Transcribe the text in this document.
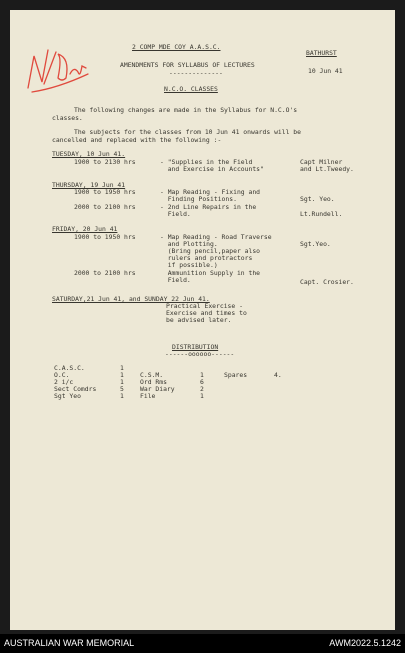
2 COMP MDE COY A.A.S.C.
BATHURST
10 Jun 41
AMENDMENTS FOR SYLLABUS OF LECTURES
--------------
N.C.O. CLASSES
The following changes are made in the Syllabus for N.C.O's
classes.
The subjects for the classes from 10 Jun 41 onwards will be
cancelled and replaced with the following :-
TUESDAY, 10 Jun 41.
1900 to 2130 hrs	- "Supplies in the Field
and Exercise in Accounts"
Capt Milner
and Lt.Tweedy.
THURSDAY, 19 Jun 41
1900 to 1950 hrs	- Map Reading - Fixing and
Finding Positions.	Sgt. Yeo.
2000 to 2100 hrs	- 2nd Line Repairs in the
Field.	Lt.Rundell.
FRIDAY, 20 Jun 41
1900 to 1950 hrs	- Map Reading - Road Traverse
and Plotting.
(Bring pencil,paper also
rulers and protractors
if possible.)
Sgt.Yeo.
2000 to 2100 hrs	Ammunition Supply in the
Field.	Capt. Crosier.
SATURDAY,21 Jun 41, and SUNDAY 22 Jun 41.
Practical Exercise -
Exercise and times to
be advised later.
DISTRIBUTION
------oooooo------
C.A.S.C.	1
O.C.	1
2 i/c	1
Sect Comdrs	5
Sgt Yeo	1
C.S.M.	1
Ord Rms	6
War Diary	2
File	1
Spares	4.
AUSTRALIAN WAR MEMORIAL	AWM2022.5.1242
